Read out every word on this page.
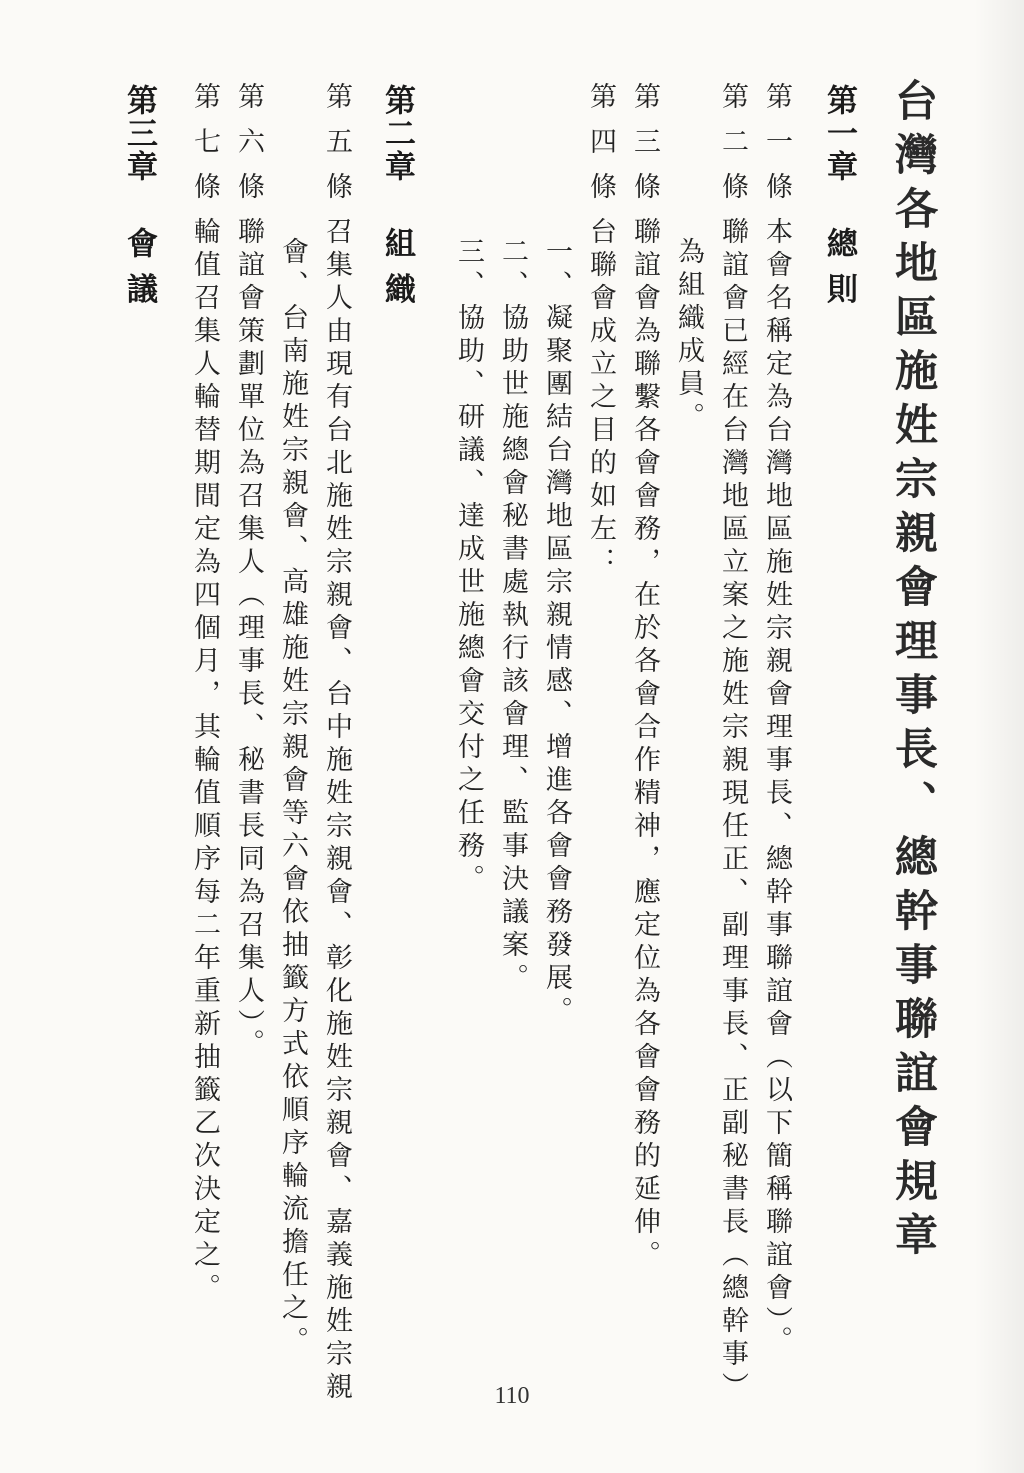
台灣各地區施姓宗親會理事長、總幹事聯誼會規章
第一章總 則
第一條本會名稱定為台灣地區施姓宗親會理事長、總幹事聯誼會（以下簡稱聯誼會）。
第二條聯誼會已經在台灣地區立案之施姓宗親現任正、副理事長、正副秘書長（總幹事）
為組織成員。
第三條聯誼會為聯繫各會會務，在於各會合作精神，應定位為各會會務的延伸。
第四條台聯會成立之目的如左：
一、凝聚團結台灣地區宗親情感、增進各會會務發展。
二、協助世施總會秘書處執行該會理、監事決議案。
三、協助、研議、達成世施總會交付之任務。
第二章組 織
第五條召集人由現有台北施姓宗親會、台中施姓宗親會、彰化施姓宗親會、嘉義施姓宗親
會、台南施姓宗親會、高雄施姓宗親會等六會依抽籤方式依順序輪流擔任之。
第六條聯誼會策劃單位為召集人（理事長、秘書長同為召集人）。
第七條輪值召集人輪替期間定為四個月，其輪值順序每二年重新抽籤乙次決定之。
第三章會 議
110
